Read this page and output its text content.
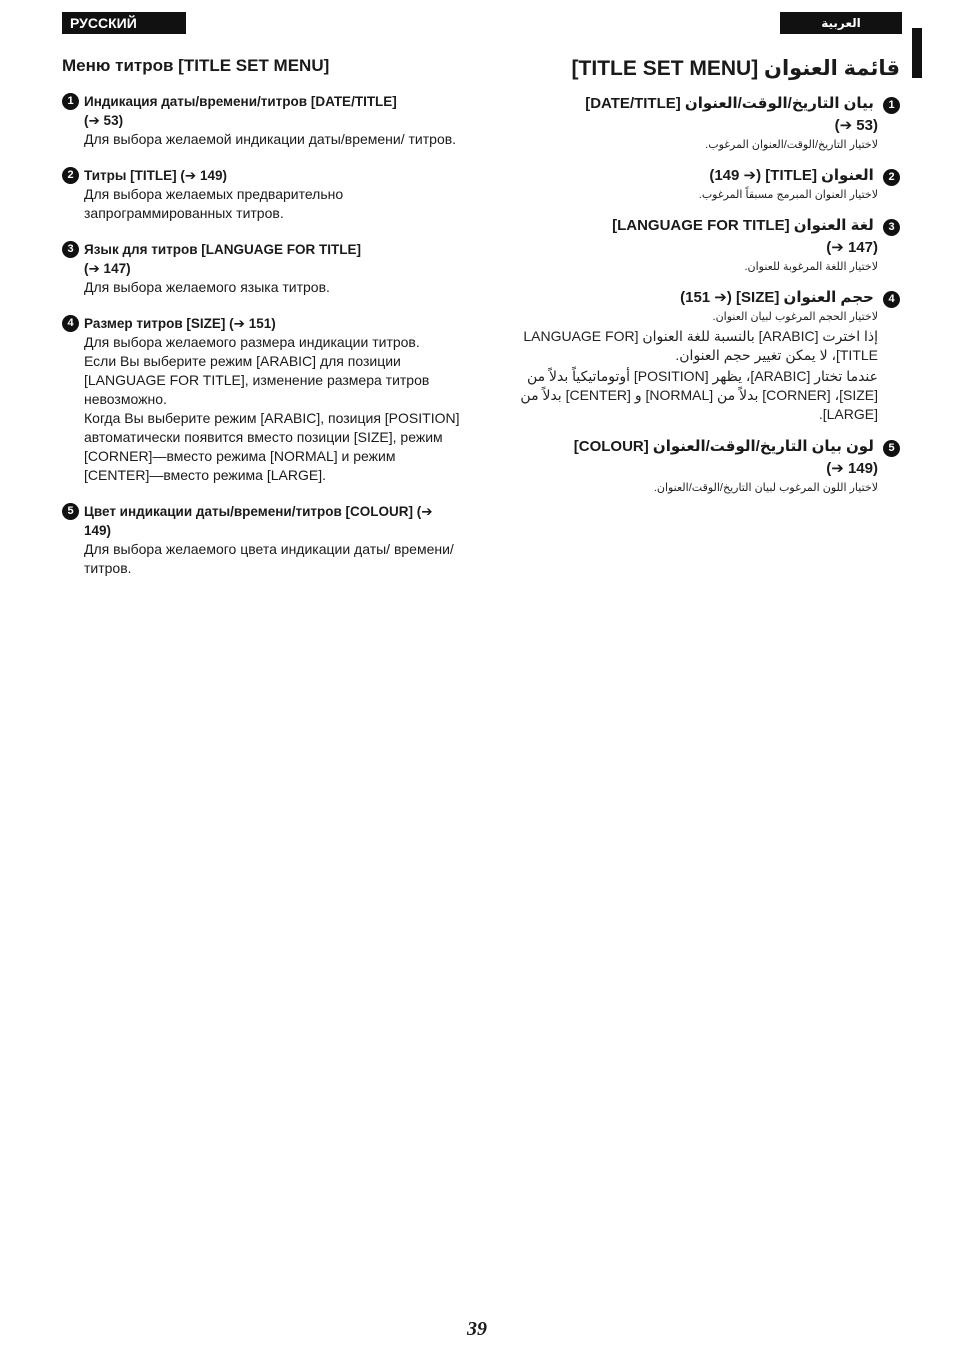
РУССКИЙ ЯЗЫК
العربية
Меню титров [TITLE SET MENU]
1 Индикация даты/времени/титров [DATE/TITLE]
(➔ 53)

Для выбора желаемой индикации даты/времени/ титров.

2 Титры [TITLE] (➔ 149)

Для выбора желаемых предварительно запрограммированных титров.

3 Язык для титров [LANGUAGE FOR TITLE]
(➔ 147)

Для выбора желаемого языка титров.

4 Размер титров [SIZE] (➔ 151)

Для выбора желаемого размера индикации титров.

Если Вы выберите режим [ARABIC] для позиции [LANGUAGE FOR TITLE], изменение размера титров невозможно.

Когда Вы выберите режим [ARABIC], позиция [POSITION] автоматически появится вместо позиции [SIZE], режим [CORNER]—вместо режима [NORMAL] и режим [CENTER]—вместо режима [LARGE].

5 Цвет индикации даты/времени/титров [COLOUR] (➔ 149)

Для выбора желаемого цвета индикации даты/ времени/титров.

قائمة العنوان [TITLE SET MENU]
1 بيان التاريخ/الوقت/العنوان [DATE/TITLE]
(➔ 53)

لاختيار التاريخ/الوقت/العنوان المرغوب.

2 العنوان [TITLE] (➔ 149)

لاختيار العنوان المبرمج مسبقاً المرغوب.

3 لغة العنوان [LANGUAGE FOR TITLE]
(➔ 147)

لاختيار اللغة المرغوبة للعنوان.

4 حجم العنوان [SIZE] (➔ 151)

لاختيار الحجم المرغوب لبيان العنوان.

إذا اخترت [ARABIC] بالنسبة للغة العنوان [LANGUAGE FOR TITLE]، لا يمكن تغيير حجم العنوان.

عندما تختار [ARABIC]، يظهر [POSITION] أوتوماتيكياً بدلاً من [SIZE]، [CORNER] بدلاً من [NORMAL] و [CENTER] بدلاً من [LARGE].

5 لون بيان التاريخ/الوقت/العنوان [COLOUR]
(➔ 149)

لاختيار اللون المرغوب لبيان التاريخ/الوقت/العنوان.

39
